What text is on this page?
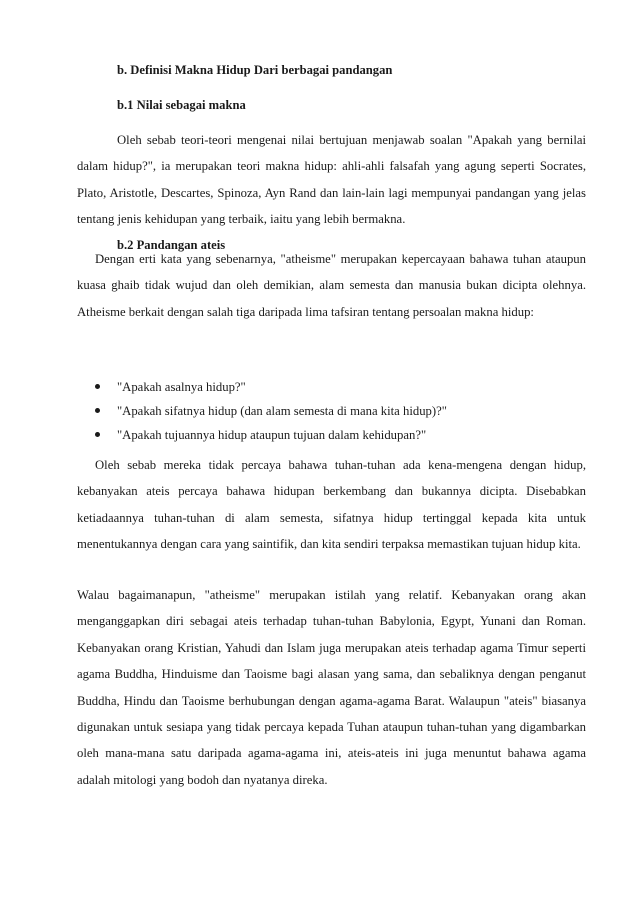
b. Definisi Makna Hidup Dari berbagai pandangan
b.1 Nilai sebagai makna

Oleh sebab teori-teori mengenai nilai bertujuan menjawab soalan "Apakah yang bernilai dalam hidup?", ia merupakan teori makna hidup: ahli-ahli falsafah yang agung seperti Socrates, Plato, Aristotle, Descartes, Spinoza, Ayn Rand dan lain-lain lagi mempunyai pandangan yang jelas tentang jenis kehidupan yang terbaik, iaitu yang lebih bermakna.

b.2 Pandangan ateis

Dengan erti kata yang sebenarnya, "atheisme" merupakan kepercayaan bahawa tuhan ataupun kuasa ghaib tidak wujud dan oleh demikian, alam semesta dan manusia bukan dicipta olehnya. Atheisme berkait dengan salah tiga daripada lima tafsiran tentang persoalan makna hidup:

"Apakah asalnya hidup?"
"Apakah sifatnya hidup (dan alam semesta di mana kita hidup)?"
"Apakah tujuannya hidup ataupun tujuan dalam kehidupan?"

Oleh sebab mereka tidak percaya bahawa tuhan-tuhan ada kena-mengena dengan hidup, kebanyakan ateis percaya bahawa hidupan berkembang dan bukannya dicipta. Disebabkan ketiadaannya tuhan-tuhan di alam semesta, sifatnya hidup tertinggal kepada kita untuk menentukannya dengan cara yang saintifik, dan kita sendiri terpaksa memastikan tujuan hidup kita.

Walau bagaimanapun, "atheisme" merupakan istilah yang relatif. Kebanyakan orang akan menganggapkan diri sebagai ateis terhadap tuhan-tuhan Babylonia, Egypt, Yunani dan Roman. Kebanyakan orang Kristian, Yahudi dan Islam juga merupakan ateis terhadap agama Timur seperti agama Buddha, Hinduisme dan Taoisme bagi alasan yang sama, dan sebaliknya dengan penganut Buddha, Hindu dan Taoisme berhubungan dengan agama-agama Barat. Walaupun "ateis" biasanya digunakan untuk sesiapa yang tidak percaya kepada Tuhan ataupun tuhan-tuhan yang digambarkan oleh mana-mana satu daripada agama-agama ini, ateis-ateis ini juga menuntut bahawa agama adalah mitologi yang bodoh dan nyatanya direka.
